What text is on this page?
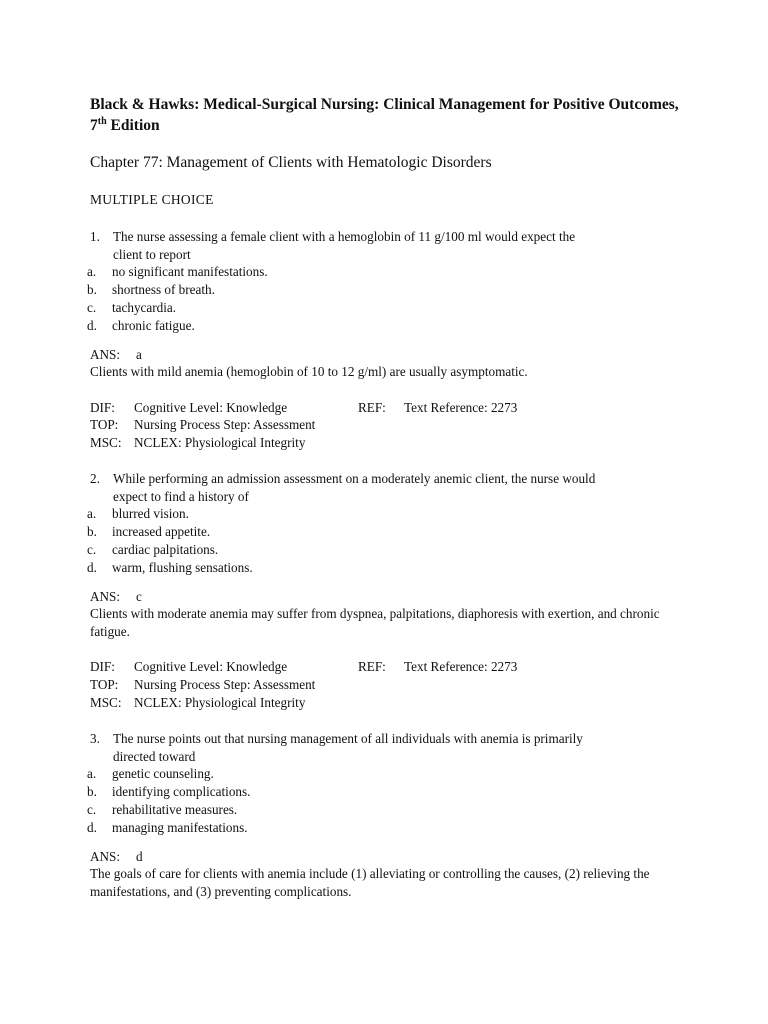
Black & Hawks: Medical-Surgical Nursing: Clinical Management for Positive Outcomes, 7th Edition
Chapter 77: Management of Clients with Hematologic Disorders
MULTIPLE CHOICE
1. The nurse assessing a female client with a hemoglobin of 11 g/100 ml would expect the
client to report
a. no significant manifestations.
b. shortness of breath.
c. tachycardia.
d. chronic fatigue.
ANS: a
Clients with mild anemia (hemoglobin of 10 to 12 g/ml) are usually asymptomatic.
DIF: Cognitive Level: Knowledge	REF: Text Reference: 2273
TOP: Nursing Process Step: Assessment
MSC: NCLEX: Physiological Integrity
2. While performing an admission assessment on a moderately anemic client, the nurse would
expect to find a history of
a. blurred vision.
b. increased appetite.
c. cardiac palpitations.
d. warm, flushing sensations.
ANS: c
Clients with moderate anemia may suffer from dyspnea, palpitations, diaphoresis with exertion, and chronic fatigue.
DIF: Cognitive Level: Knowledge	REF: Text Reference: 2273
TOP: Nursing Process Step: Assessment
MSC: NCLEX: Physiological Integrity
3. The nurse points out that nursing management of all individuals with anemia is primarily
directed toward
a. genetic counseling.
b. identifying complications.
c. rehabilitative measures.
d. managing manifestations.
ANS: d
The goals of care for clients with anemia include (1) alleviating or controlling the causes, (2) relieving the manifestations, and (3) preventing complications.
